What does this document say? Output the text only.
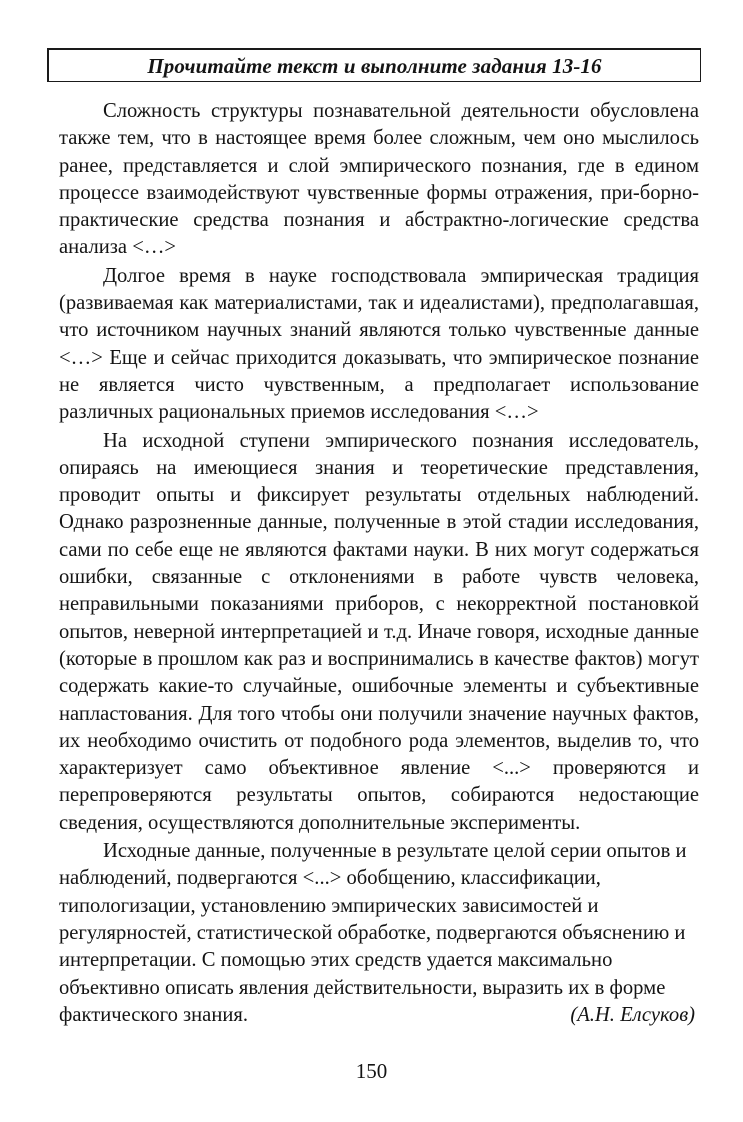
Прочитайте текст и выполните задания 13-16

Сложность структуры познавательной деятельности обусловлена также тем, что в настоящее время более сложным, чем оно мыслилось ранее, представляется и слой эмпирического познания, где в едином процессе взаимодействуют чувственные формы отражения, при-борно-практические средства познания и абстрактно-логические средства анализа <…>

Долгое время в науке господствовала эмпирическая традиция (развиваемая как материалистами, так и идеалистами), предполагавшая, что источником научных знаний являются только чувственные данные <…> Еще и сейчас приходится доказывать, что эмпирическое познание не является чисто чувственным, а предполагает использование различных рациональных приемов исследования <…>

На исходной ступени эмпирического познания исследователь, опираясь на имеющиеся знания и теоретические представления, проводит опыты и фиксирует результаты отдельных наблюдений. Однако разрозненные данные, полученные в этой стадии исследования, сами по себе еще не являются фактами науки. В них могут содержаться ошибки, связанные с отклонениями в работе чувств человека, неправильными показаниями приборов, с некорректной постановкой опытов, неверной интерпретацией и т.д. Иначе говоря, исходные данные (которые в прошлом как раз и воспринимались в качестве фактов) могут содержать какие-то случайные, ошибочные элементы и субъективные напластования. Для того чтобы они получили значение научных фактов, их необходимо очистить от подобного рода элементов, выделив то, что характеризует само объективное явление <...> проверяются и перепроверяются результаты опытов, собираются недостающие сведения, осуществляются дополнительные эксперименты.

Исходные данные, полученные в результате целой серии опытов и наблюдений, подвергаются <...> обобщению, классификации, типологизации, установлению эмпирических зависимостей и регулярностей, статистической обработке, подвергаются объяснению и интерпретации. С помощью этих средств удается максимально объективно описать явления действительности, выразить их в форме фактического знания.	(А.Н. Елсуков)

150
